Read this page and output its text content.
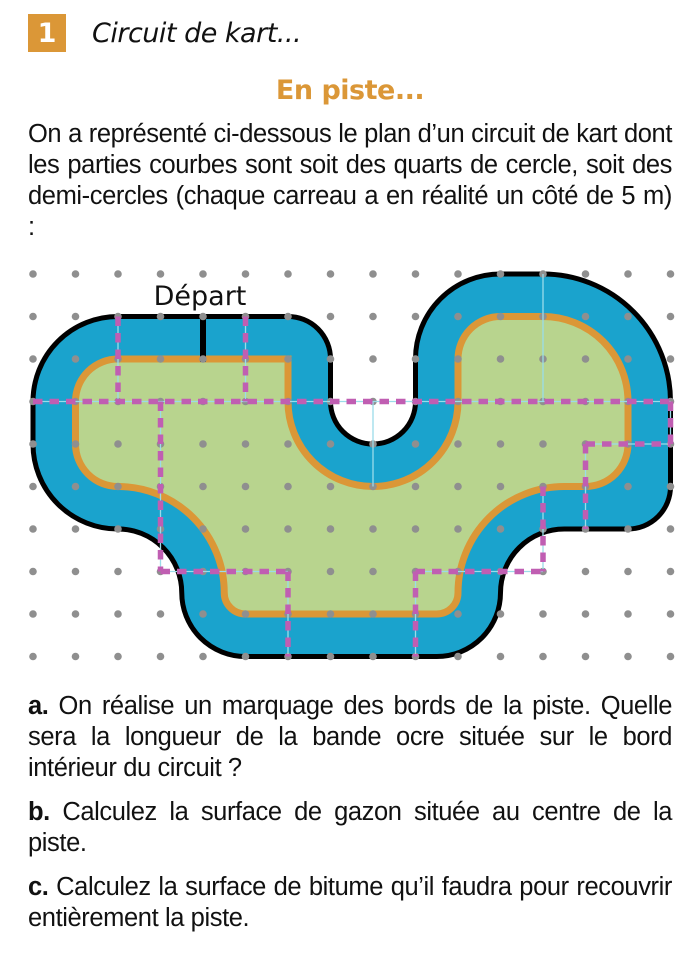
1 Circuit de kart...
En piste...

On a représenté ci-dessous le plan d’un circuit de kart dont les parties courbes sont soit des quarts de cercle, soit des demi-cercles (chaque carreau a en réalité un côté de 5 m) :

Départ

a. On réalise un marquage des bords de la piste. Quelle sera la longueur de la bande ocre située sur le bord intérieur du circuit ?

b. Calculez la surface de gazon située au centre de la piste.

c. Calculez la surface de bitume qu’il faudra pour recouvrir entièrement la piste.
